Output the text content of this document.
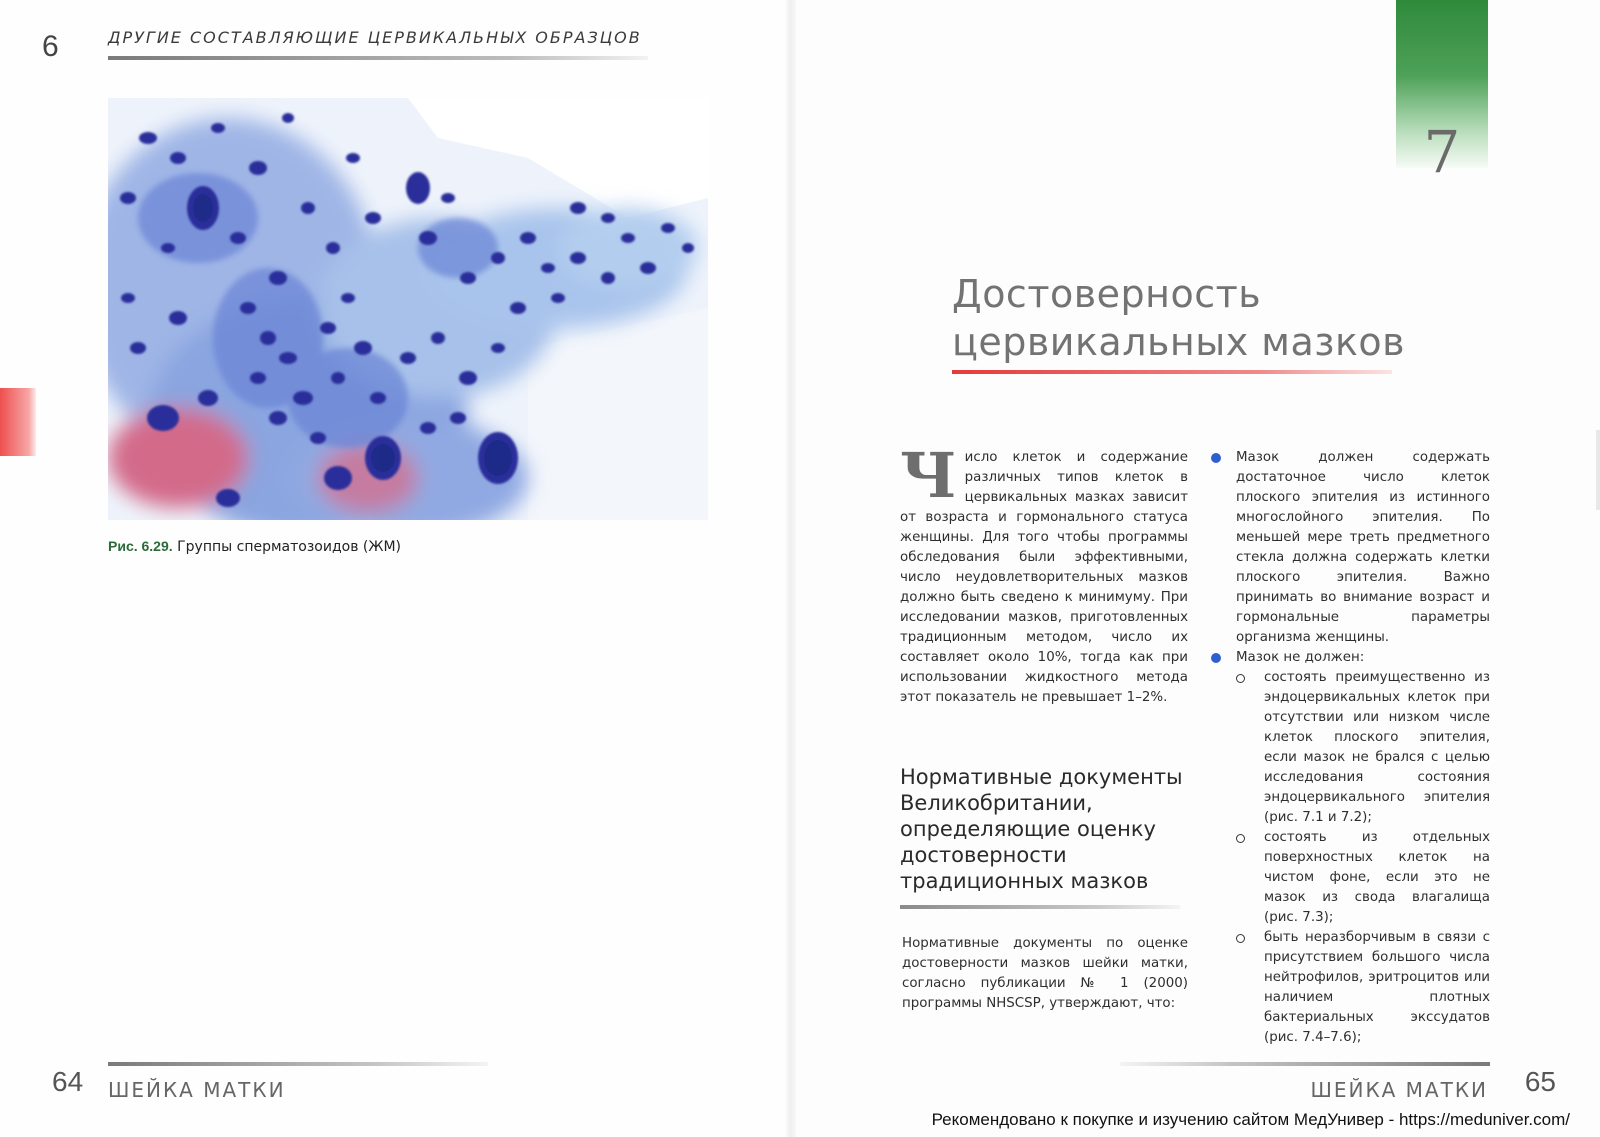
6	ДРУГИЕ СОСТАВЛЯЮЩИЕ ЦЕРВИКАЛЬНЫХ ОБРАЗЦОВ
Рис. 6.29. Группы сперматозоидов (ЖМ)
64 ШЕЙКА МАТКИ
7
Достоверность
цервикальных мазков
Ч исло клеток и содержание различных типов клеток в цервикальных мазках зависит от возраста и гормонального статуса женщины. Для того чтобы программы обследования были эффективными, число неудовлетворительных мазков должно быть сведено к минимуму. При исследовании мазков, приготовленных традиционным методом, число их составляет около 10%, тогда как при использовании жидкостного метода этот показатель не превышает 1–2%.

Нормативные документы Великобритании, определяющие оценку достоверности традиционных мазков
Нормативные документы по оценке достоверности мазков шейки матки, согласно публикации № 1 (2000) программы NHSCSP, утверждают, что:

Мазок должен содержать достаточное число клеток плоского эпителия из истинного многослойного эпителия. По меньшей мере треть предметного стекла должна содержать клетки плоского эпителия. Важно принимать во внимание возраст и гормональные параметры организма женщины.

Мазок не должен:

состоять преимущественно из эндоцервикальных клеток при отсутствии или низком числе клеток плоского эпителия, если мазок не брался с целью исследования состояния эндоцервикального эпителия (рис. 7.1 и 7.2);

состоять из отдельных поверхностных клеток на чистом фоне, если это не мазок из свода влагалища (рис. 7.3);

быть неразборчивым в связи с присутствием большого числа нейтрофилов, эритроцитов или наличием плотных бактериальных экссудатов (рис. 7.4–7.6);

ШЕЙКА МАТКИ 65
Рекомендовано к покупке и изучению сайтом МедУнивер - https://meduniver.com/
